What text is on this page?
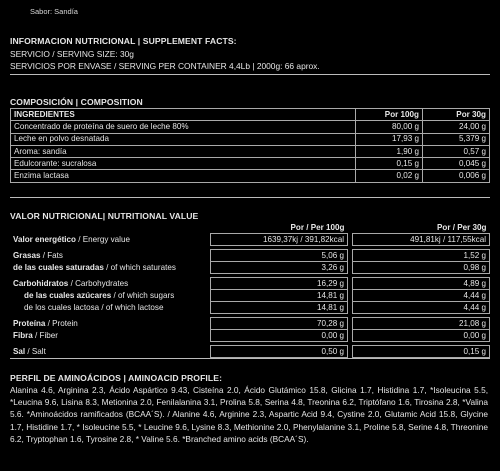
Sabor: Sandía
INFORMACION NUTRICIONAL | SUPPLEMENT FACTS:
SERVICIO / SERVING SIZE: 30g
SERVICIOS POR ENVASE / SERVING PER CONTAINER 4,4Lb | 2000g: 66 aprox.
COMPOSICIÓN | COMPOSITION
INGREDIENTES	Por 100g	Por 30g
Concentrado de proteína de suero de leche 80%	80,00 g	24,00 g
Leche en polvo desnatada	17,93 g	5,379 g
Aroma: sandía	1,90 g	0,57 g
Edulcorante: sucralosa	0,15 g	0,045 g
Enzima lactasa	0,02 g	0,006 g
VALOR NUTRICIONAL| NUTRITIONAL VALUE
	Por / Per 100g		Por / Per 30g
Valor energético / Energy value	1639,37kj / 391,82kcal		491,81kj / 117,55kcal

Grasas / Fats	5,06 g		1,52 g
de las cuales saturadas / of which saturates	3,26 g		0,98 g

Carbohidratos / Carbohydrates	16,29 g		4,89 g
de las cuales azúcares / of which sugars	14,81 g		4,44 g
de los cuales lactosa / of which lactose	14,81 g		4,44 g

Proteína / Protein	70,28 g		21,08 g
Fibra / Fiber	0,00 g		0,00 g

Sal / Salt	0,50 g		0,15 g
PERFIL DE AMINOÁCIDOS | AMINOACID PROFILE:
Alanina 4.6, Arginina 2.3, Ácido Aspártico 9.43, Cisteína 2.0, Ácido Glutámico 15.8, Glicina 1.7, Histidina 1.7, *Isoleucina 5.5, *Leucina 9.6, Lisina 8.3, Metionina 2.0, Fenilalanina 3.1, Prolina 5.8, Serina 4.8, Treonina 6.2, Triptófano 1.6, Tirosina 2.8, *Valina 5.6. *Aminoácidos ramificados (BCAA´S). / Alanine 4.6, Arginine 2.3, Aspartic Acid 9.4, Cystine 2.0, Glutamic Acid 15.8, Glycine 1.7, Histidine 1.7, * Isoleucine 5.5, * Leucine 9.6, Lysine 8.3, Methionine 2.0, Phenylalanine 3.1, Proline 5.8, Serine 4.8, Threonine 6.2, Tryptophan 1.6, Tyrosine 2.8, * Valine 5.6. *Branched amino acids (BCAA´S).
